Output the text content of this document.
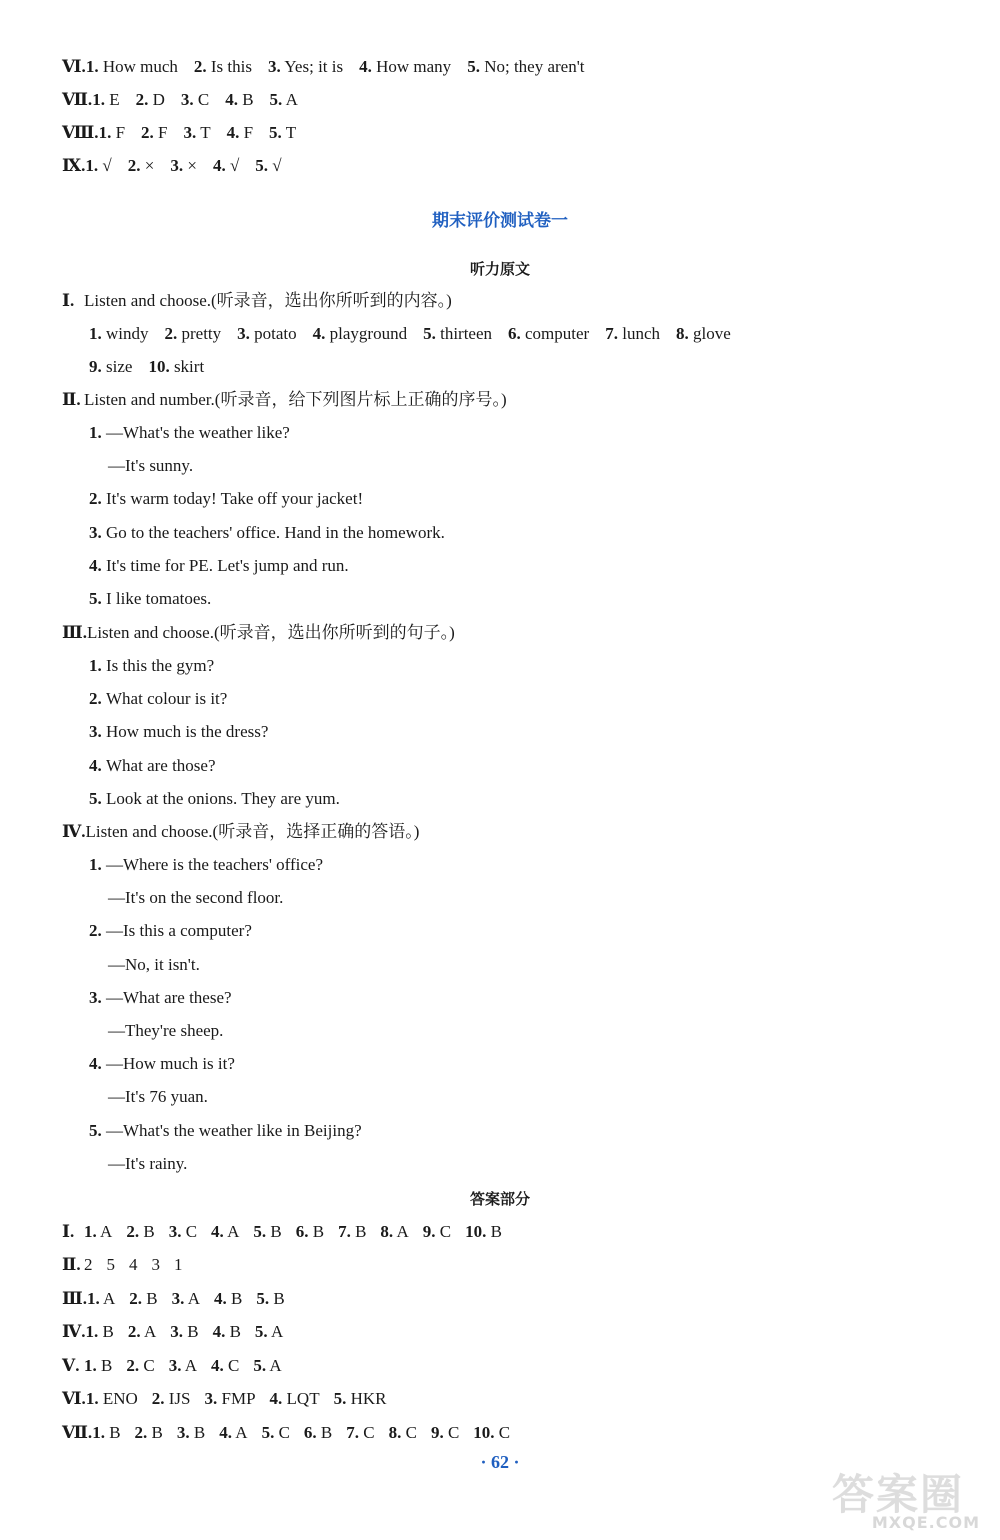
期末评价测试卷一
听力原文
答案部分
· 62 ·
答案圈
MXQE.COM
Ⅵ.1. How much 2. Is this 3. Yes; it is 4. How many 5. No; they aren't
Ⅶ.1. E 2. D 3. C 4. B 5. A
Ⅷ.1. F 2. F 3. T 4. F 5. T
Ⅸ.1. √ 2. × 3. × 4. √ 5. √
Ⅰ. Listen and choose.(听录音，选出你所听到的内容。)
1. windy 2. pretty 3. potato 4. playground 5. thirteen 6. computer 7. lunch 8. glove
9. size 10. skirt
Ⅱ. Listen and number.(听录音，给下列图片标上正确的序号。)
1. —What's the weather like?
—It's sunny.
2. It's warm today! Take off your jacket!
3. Go to the teachers' office. Hand in the homework.
4. It's time for PE. Let's jump and run.
5. I like tomatoes.
Ⅲ.Listen and choose.(听录音，选出你所听到的句子。)
1. Is this the gym?
2. What colour is it?
3. How much is the dress?
4. What are those?
5. Look at the onions. They are yum.
Ⅳ.Listen and choose.(听录音，选择正确的答语。)
1. —Where is the teachers' office?
—It's on the second floor.
2. —Is this a computer?
—No, it isn't.
3. —What are these?
—They're sheep.
4. —How much is it?
—It's 76 yuan.
5. —What's the weather like in Beijing?
—It's rainy.
Ⅰ. 1. A 2. B 3. C 4. A 5. B 6. B 7. B 8. A 9. C 10. B
Ⅱ. 2 5 4 3 1
Ⅲ.1. A 2. B 3. A 4. B 5. B
Ⅳ.1. B 2. A 3. B 4. B 5. A
Ⅴ. 1. B 2. C 3. A 4. C 5. A
Ⅵ.1. ENO 2. IJS 3. FMP 4. LQT 5. HKR
Ⅶ.1. B 2. B 3. B 4. A 5. C 6. B 7. C 8. C 9. C 10. C
